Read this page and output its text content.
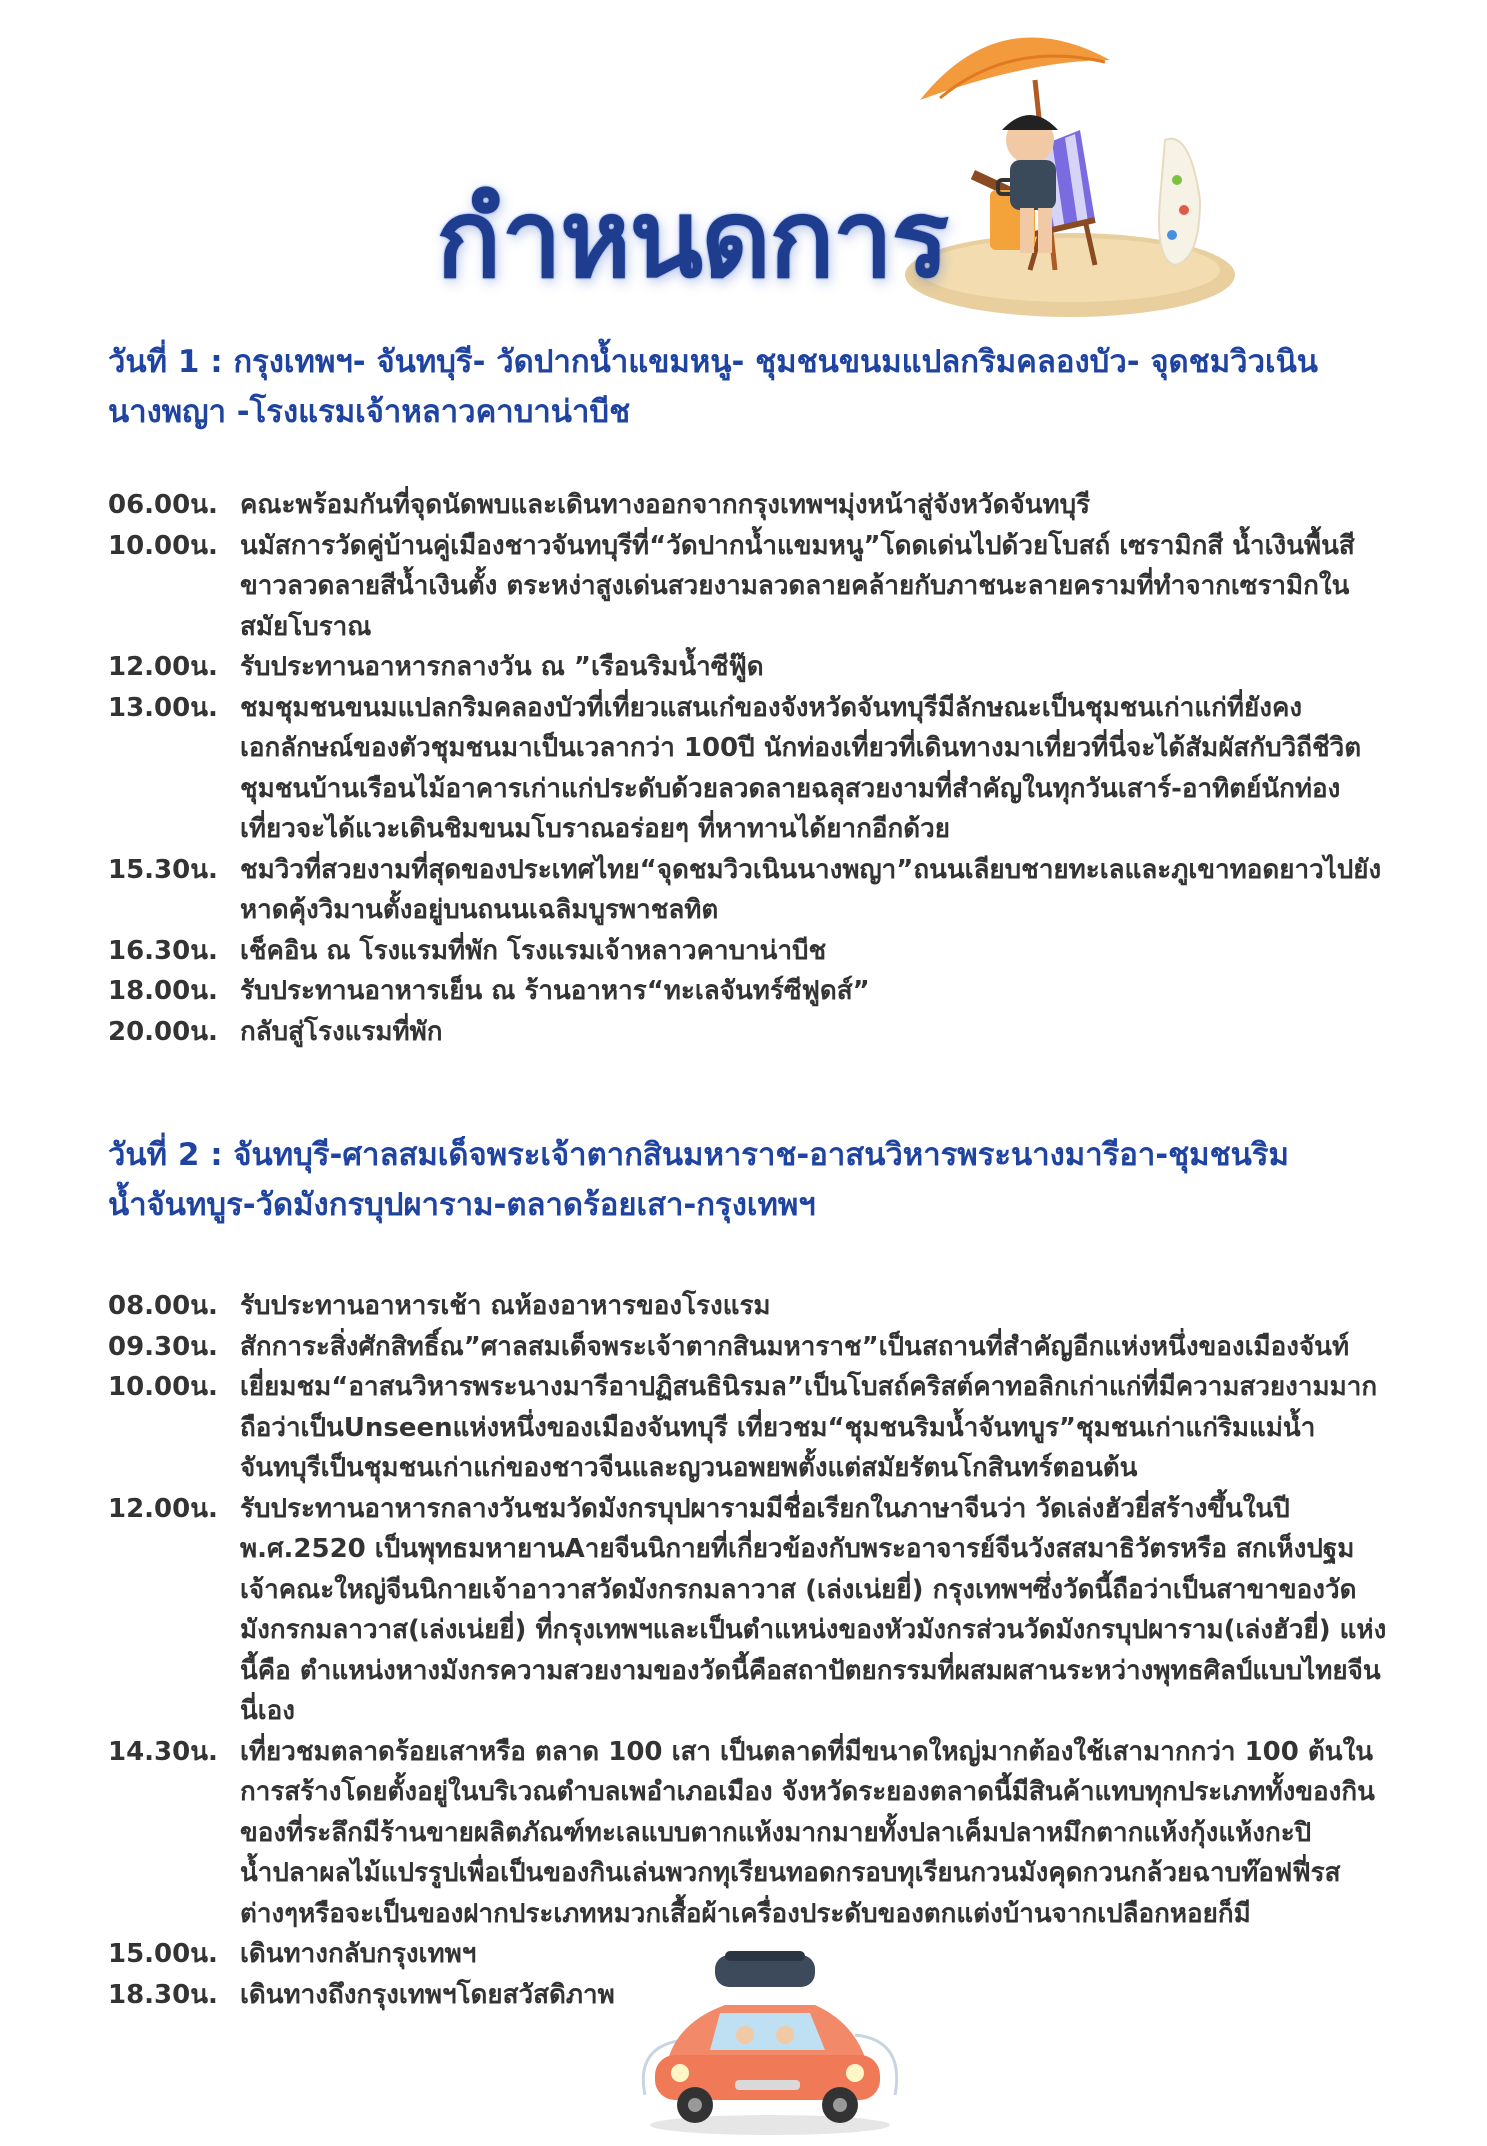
กำหนดการ
วันที่ 1 : กรุงเทพฯ- จันทบุรี- วัดปากน้ำแขมหนู- ชุมชนขนมแปลกริมคลองบัว- จุดชมวิวเนิน
นางพญา -โรงแรมเจ้าหลาวคาบาน่าบีช
06.00น. คณะพร้อมกันที่จุดนัดพบและเดินทางออกจากกรุงเทพฯมุ่งหน้าสู่จังหวัดจันทบุรี
10.00น. นมัสการวัดคู่บ้านคู่เมืองชาวจันทบุรีที่“วัดปากน้ำแขมหนู”โดดเด่นไปด้วยโบสถ์ เซรามิกสี น้ำเงินพื้นสีขาวลวดลายสีน้ำเงินตั้ง ตระหง่าสูงเด่นสวยงามลวดลายคล้ายกับภาชนะลายครามที่ทำจากเซรามิกในสมัยโบราณ
12.00น. รับประทานอาหารกลางวัน ณ ”เรือนริมน้ำซีฟู๊ด
13.00น. ชมชุมชนขนมแปลกริมคลองบัวที่เที่ยวแสนเก๋ของจังหวัดจันทบุรีมีลักษณะเป็นชุมชนเก่าแก่ที่ยังคงเอกลักษณ์ของตัวชุมชนมาเป็นเวลากว่า 100ปี นักท่องเที่ยวที่เดินทางมาเที่ยวที่นี่จะได้สัมผัสกับวิถีชีวิตชุมชนบ้านเรือนไม้อาคารเก่าแก่ประดับด้วยลวดลายฉลุสวยงามที่สำคัญในทุกวันเสาร์-อาทิตย์นักท่องเที่ยวจะได้แวะเดินชิมขนมโบราณอร่อยๆ ที่หาทานได้ยากอีกด้วย
15.30น. ชมวิวที่สวยงามที่สุดของประเทศไทย“จุดชมวิวเนินนางพญา”ถนนเลียบชายทะเลและภูเขาทอดยาวไปยังหาดคุ้งวิมานตั้งอยู่บนถนนเฉลิมบูรพาชลทิต
16.30น. เช็คอิน ณ โรงแรมที่พัก โรงแรมเจ้าหลาวคาบาน่าบีช
18.00น. รับประทานอาหารเย็น ณ ร้านอาหาร“ทะเลจันทร์ซีฟูดส์”
20.00น. กลับสู่โรงแรมที่พัก
วันที่ 2 : จันทบุรี-ศาลสมเด็จพระเจ้าตากสินมหาราช-อาสนวิหารพระนางมารีอา-ชุมชนริม
น้ำจันทบูร-วัดมังกรบุปผาราม-ตลาดร้อยเสา-กรุงเทพฯ
08.00น. รับประทานอาหารเช้า ณห้องอาหารของโรงแรม
09.30น. สักการะสิ่งศักสิทธิ์ณ”ศาลสมเด็จพระเจ้าตากสินมหาราช”เป็นสถานที่สำคัญอีกแห่งหนึ่งของเมืองจันท์
10.00น. เยี่ยมชม“อาสนวิหารพระนางมารีอาปฏิสนธินิรมล”เป็นโบสถ์คริสต์คาทอลิกเก่าแก่ที่มีความสวยงามมากถือว่าเป็นUnseenแห่งหนึ่งของเมืองจันทบุรี เที่ยวชม“ชุมชนริมน้ำจันทบูร”ชุมชนเก่าแก่ริมแม่น้ำจันทบุรีเป็นชุมชนเก่าแก่ของชาวจีนและญวนอพยพตั้งแต่สมัยรัตนโกสินทร์ตอนต้น
12.00น. รับประทานอาหารกลางวันชมวัดมังกรบุปผารามมีชื่อเรียกในภาษาจีนว่า วัดเล่งฮัวยี่สร้างขึ้นในปี พ.ศ.2520 เป็นพุทธมหายานAายจีนนิกายที่เกี่ยวข้องกับพระอาจารย์จีนวังสสมาธิวัตรหรือ สกเห็งปฐม เจ้าคณะใหญ่จีนนิกายเจ้าอาวาสวัดมังกรกมลาวาส (เล่งเน่ยยี่) กรุงเทพฯซึ่งวัดนี้ถือว่าเป็นสาขาของวัดมังกรกมลาวาส(เล่งเน่ยยี่) ที่กรุงเทพฯและเป็นตำแหน่งของหัวมังกรส่วนวัดมังกรบุปผาราม(เล่งฮัวยี่) แห่งนี้คือ ตำแหน่งหางมังกรความสวยงามของวัดนี้คือสถาปัตยกรรมที่ผสมผสานระหว่างพุทธศิลป์แบบไทยจีนนี่เอง
14.30น. เที่ยวชมตลาดร้อยเสาหรือ ตลาด 100 เสา เป็นตลาดที่มีขนาดใหญ่มากต้องใช้เสามากกว่า 100 ต้นในการสร้างโดยตั้งอยู่ในบริเวณตำบลเพอำเภอเมือง จังหวัดระยองตลาดนี้มีสินค้าแทบทุกประเภททั้งของกินของที่ระลึกมีร้านขายผลิตภัณฑ์ทะเลแบบตากแห้งมากมายทั้งปลาเค็มปลาหมึกตากแห้งกุ้งแห้งกะปิ น้ำปลาผลไม้แปรรูปเพื่อเป็นของกินเล่นพวกทุเรียนทอดกรอบทุเรียนกวนมังคุดกวนกล้วยฉาบท๊อฟฟี่รสต่างๆหรือจะเป็นของฝากประเภทหมวกเสื้อผ้าเครื่องประดับของตกแต่งบ้านจากเปลือกหอยก็มี
15.00น. เดินทางกลับกรุงเทพฯ
18.30น. เดินทางถึงกรุงเทพฯโดยสวัสดิภาพ
